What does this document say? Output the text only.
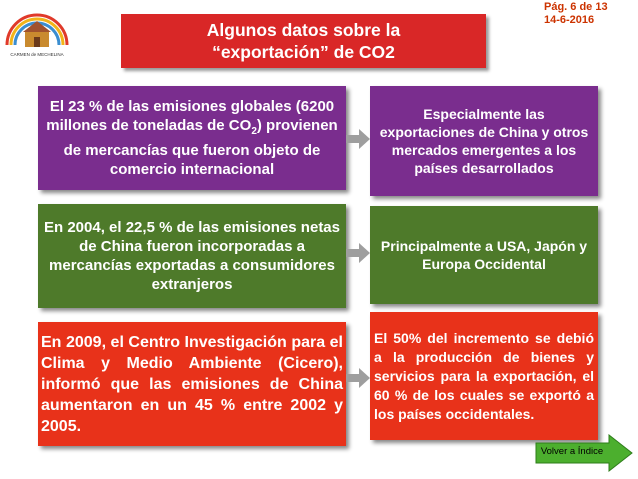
CARMEN de MECHELINA
Algunos datos sobre la
“exportación” de CO2
Pág. 6 de 13
14-6-2016
El 23 % de las emisiones globales (6200 millones de toneladas de $CO_2$) provienen de mercancías que fueron objeto de comercio internacional
Especialmente las exportaciones de China y otros mercados emergentes a los países desarrollados
En 2004, el 22,5 % de las emisiones netas de China fueron incorporadas a mercancías exportadas a consumidores extranjeros
Principalmente a USA, Japón y Europa Occidental
En 2009, el Centro Investigación para el Clima y Medio Ambiente (Cicero), informó que las emisiones de China aumentaron en un 45 % entre 2002 y 2005.
El 50% del incremento se debió a la producción de bienes y servicios para la exportación, el 60 % de los cuales se exportó a los países occidentales.
Volver a Índice
